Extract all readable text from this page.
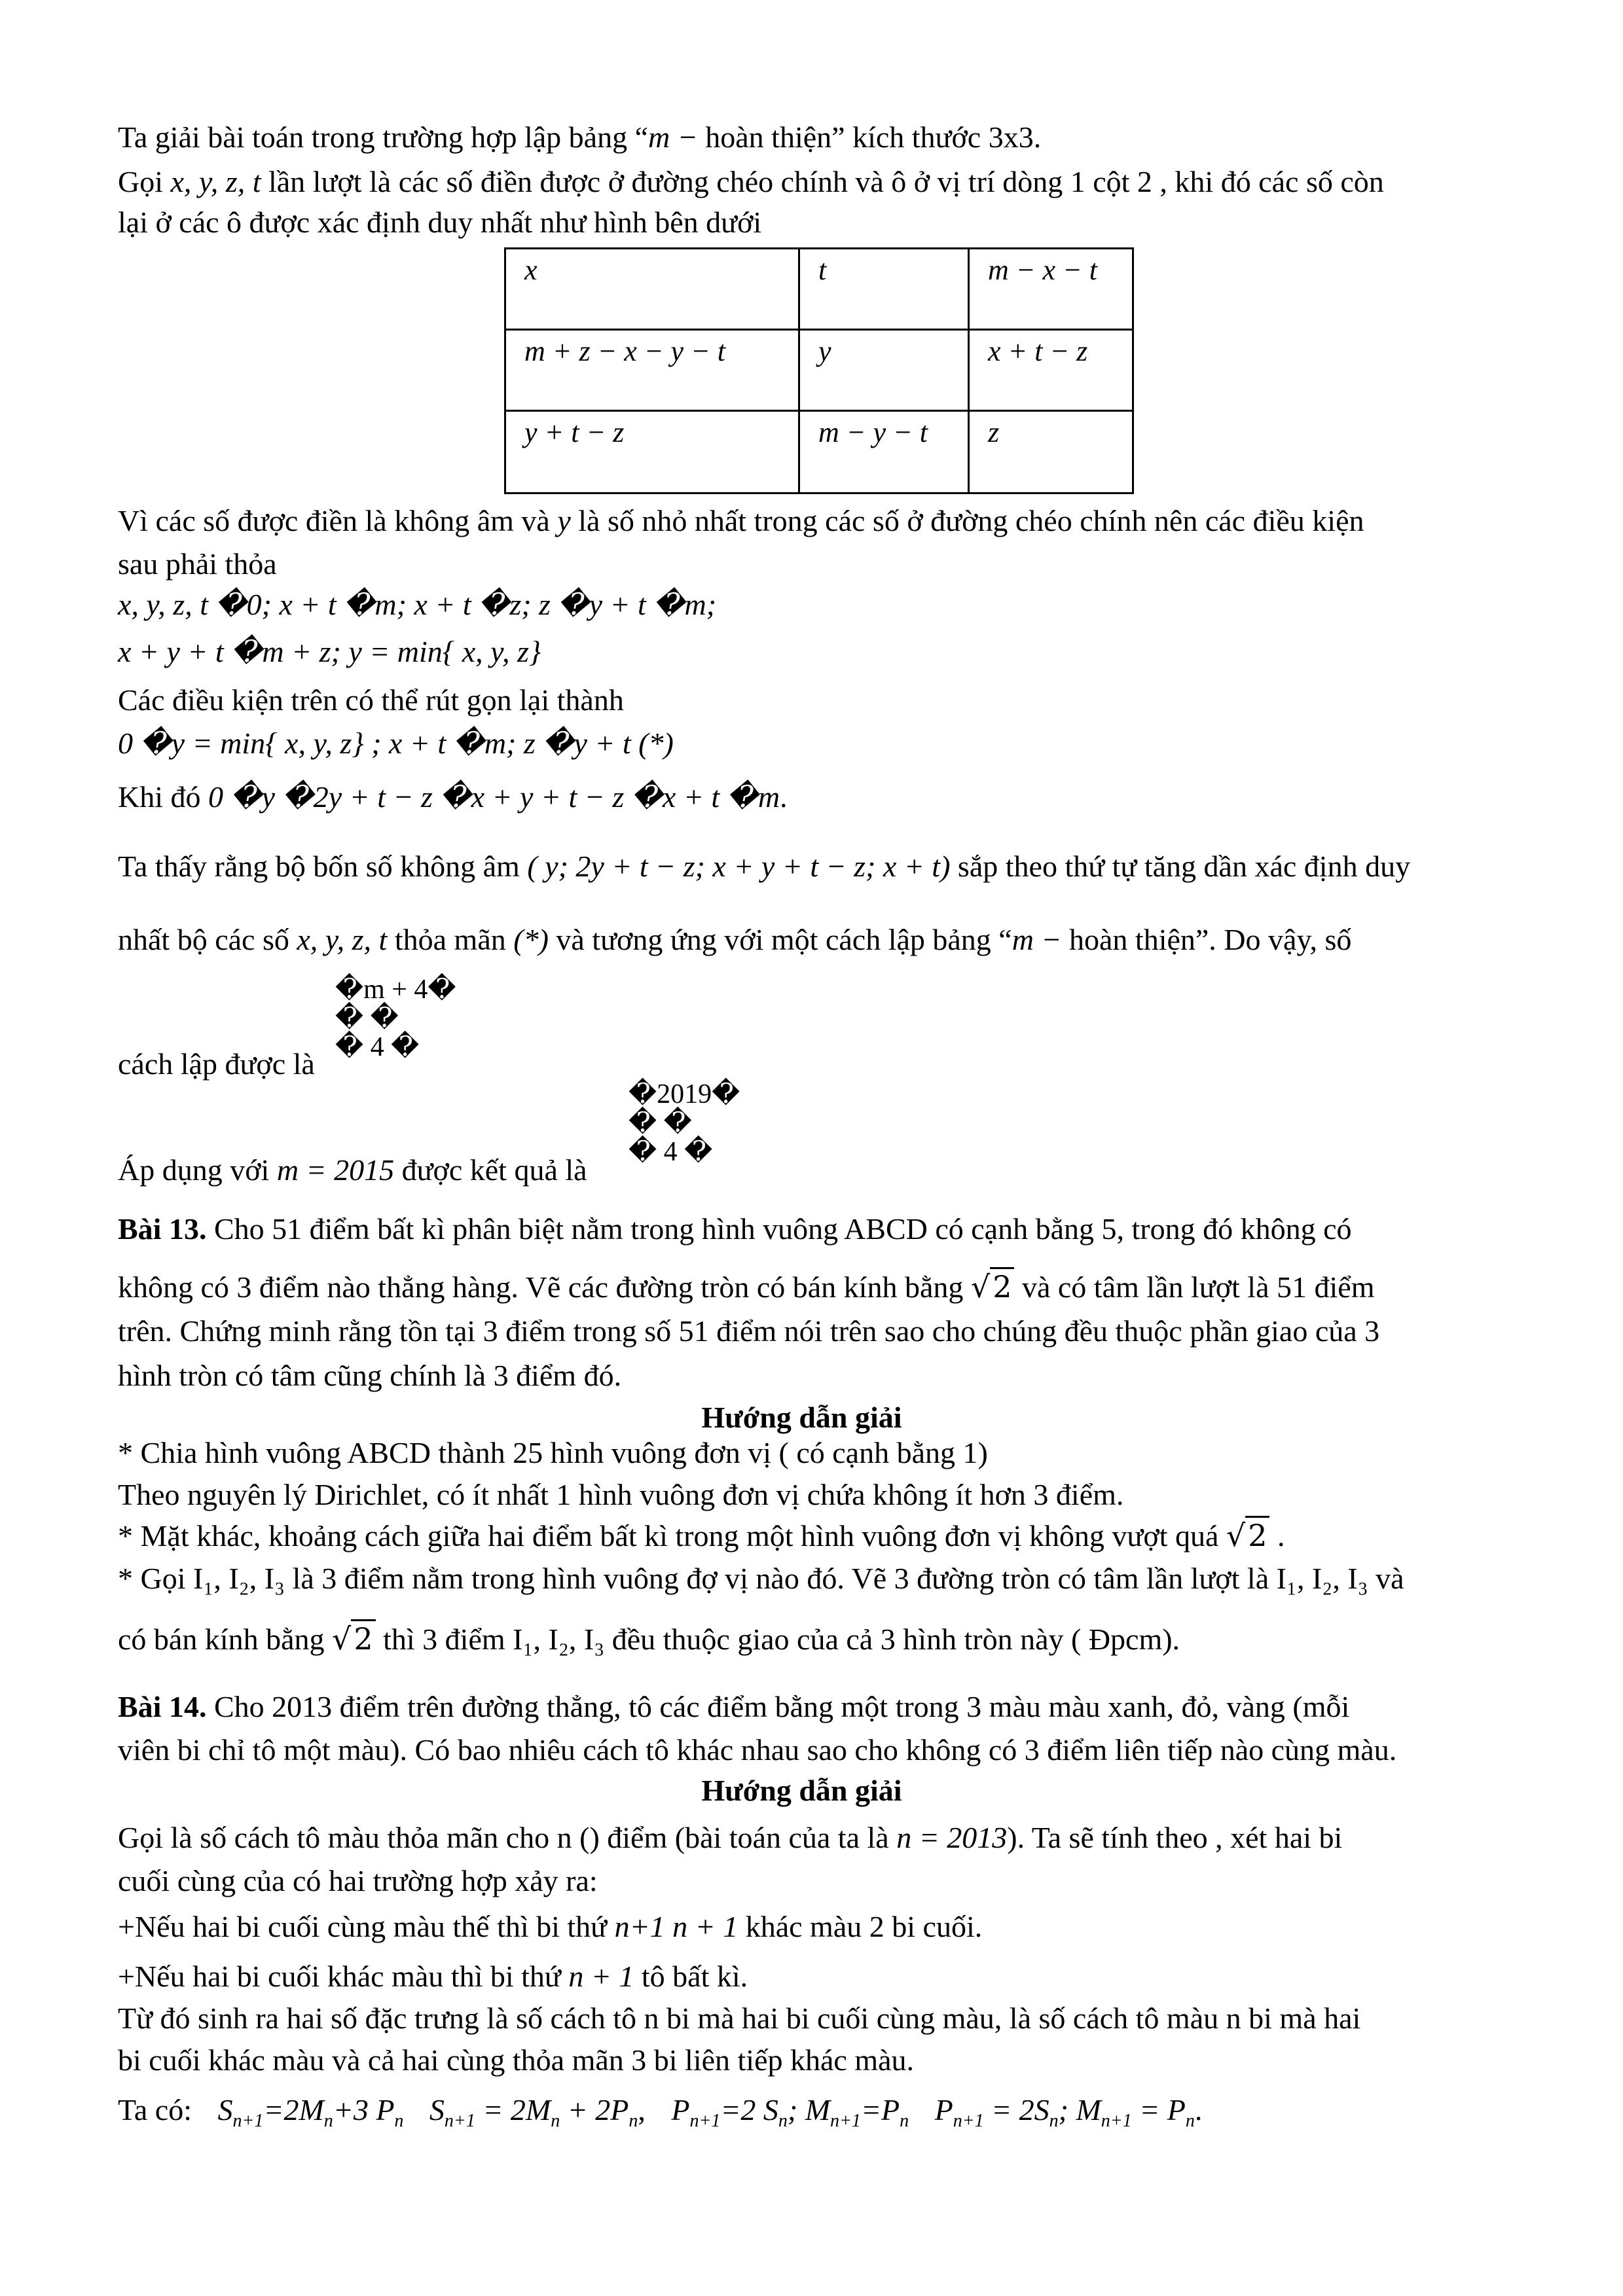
Ta giải bài toán trong trường hợp lập bảng “m − hoàn thiện” kích thước 3x3.
Gọi x, y, z, t lần lượt là các số điền được ở đường chéo chính và ô ở vị trí dòng 1 cột 2 , khi đó các số còn
lại ở các ô được xác định duy nhất như hình bên dưới
x	t	m − x − t
m + z − x − y − t	y	x + t − z
y + t − z	m − y − t	z
Vì các số được điền là không âm và y là số nhỏ nhất trong các số ở đường chéo chính nên các điều kiện
sau phải thỏa
x, y, z, t �0; x + t �m; x + t �z; z �y + t �m;
x + y + t �m + z; y = min{ x, y, z}
Các điều kiện trên có thể rút gọn lại thành
0 �y = min{ x, y, z} ; x + t �m; z �y + t (*)
Khi đó 0 �y �2y + t − z �x + y + t − z �x + t �m.
Ta thấy rằng bộ bốn số không âm ( y; 2y + t − z; x + y + t − z; x + t) sắp theo thứ tự tăng dần xác định duy
nhất bộ các số x, y, z, t thỏa mãn (*) và tương ứng với một cách lập bảng “m − hoàn thiện”. Do vậy, số
�m + 4�
� �
� 4 �
cách lập được là
�2019�
� �
� 4 �
Áp dụng với m = 2015 được kết quả là
Bài 13. Cho 51 điểm bất kì phân biệt nằm trong hình vuông ABCD có cạnh bằng 5, trong đó không có
không có 3 điểm nào thẳng hàng. Vẽ các đường tròn có bán kính bằng √2 và có tâm lần lượt là 51 điểm
trên. Chứng minh rằng tồn tại 3 điểm trong số 51 điểm nói trên sao cho chúng đều thuộc phần giao của 3
hình tròn có tâm cũng chính là 3 điểm đó.
Hướng dẫn giải
* Chia hình vuông ABCD thành 25 hình vuông đơn vị ( có cạnh bằng 1)
Theo nguyên lý Dirichlet, có ít nhất 1 hình vuông đơn vị chứa không ít hơn 3 điểm.
* Mặt khác, khoảng cách giữa hai điểm bất kì trong một hình vuông đơn vị không vượt quá √2 .
* Gọi I₁, I₂, I₃ là 3 điểm nằm trong hình vuông đợ vị nào đó. Vẽ 3 đường tròn có tâm lần lượt là I₁, I₂, I₃ và
có bán kính bằng √2 thì 3 điểm I₁, I₂, I₃ đều thuộc giao của cả 3 hình tròn này ( Đpcm).
Bài 14. Cho 2013 điểm trên đường thẳng, tô các điểm bằng một trong 3 màu màu xanh, đỏ, vàng (mỗi
viên bi chỉ tô một màu). Có bao nhiêu cách tô khác nhau sao cho không có 3 điểm liên tiếp nào cùng màu.
Hướng dẫn giải
Gọi là số cách tô màu thỏa mãn cho n () điểm (bài toán của ta là n = 2013). Ta sẽ tính theo , xét hai bi
cuối cùng của có hai trường hợp xảy ra:
+Nếu hai bi cuối cùng màu thế thì bi thứ n+1 n + 1 khác màu 2 bi cuối.
+Nếu hai bi cuối khác màu thì bi thứ n + 1 tô bất kì.
Từ đó sinh ra hai số đặc trưng là số cách tô n bi mà hai bi cuối cùng màu, là số cách tô màu n bi mà hai
bi cuối khác màu và cả hai cùng thỏa mãn 3 bi liên tiếp khác màu.
Ta có: $S_{n+1}=2M_n+3$ $P_n$ $S_{n+1} = 2M_n + 2P_n$, $P_{n+1}=2$ $S_n$; $M_{n+1}=P_n$ $P_{n+1} = 2S_n$; $M_{n+1} = P_n$.
